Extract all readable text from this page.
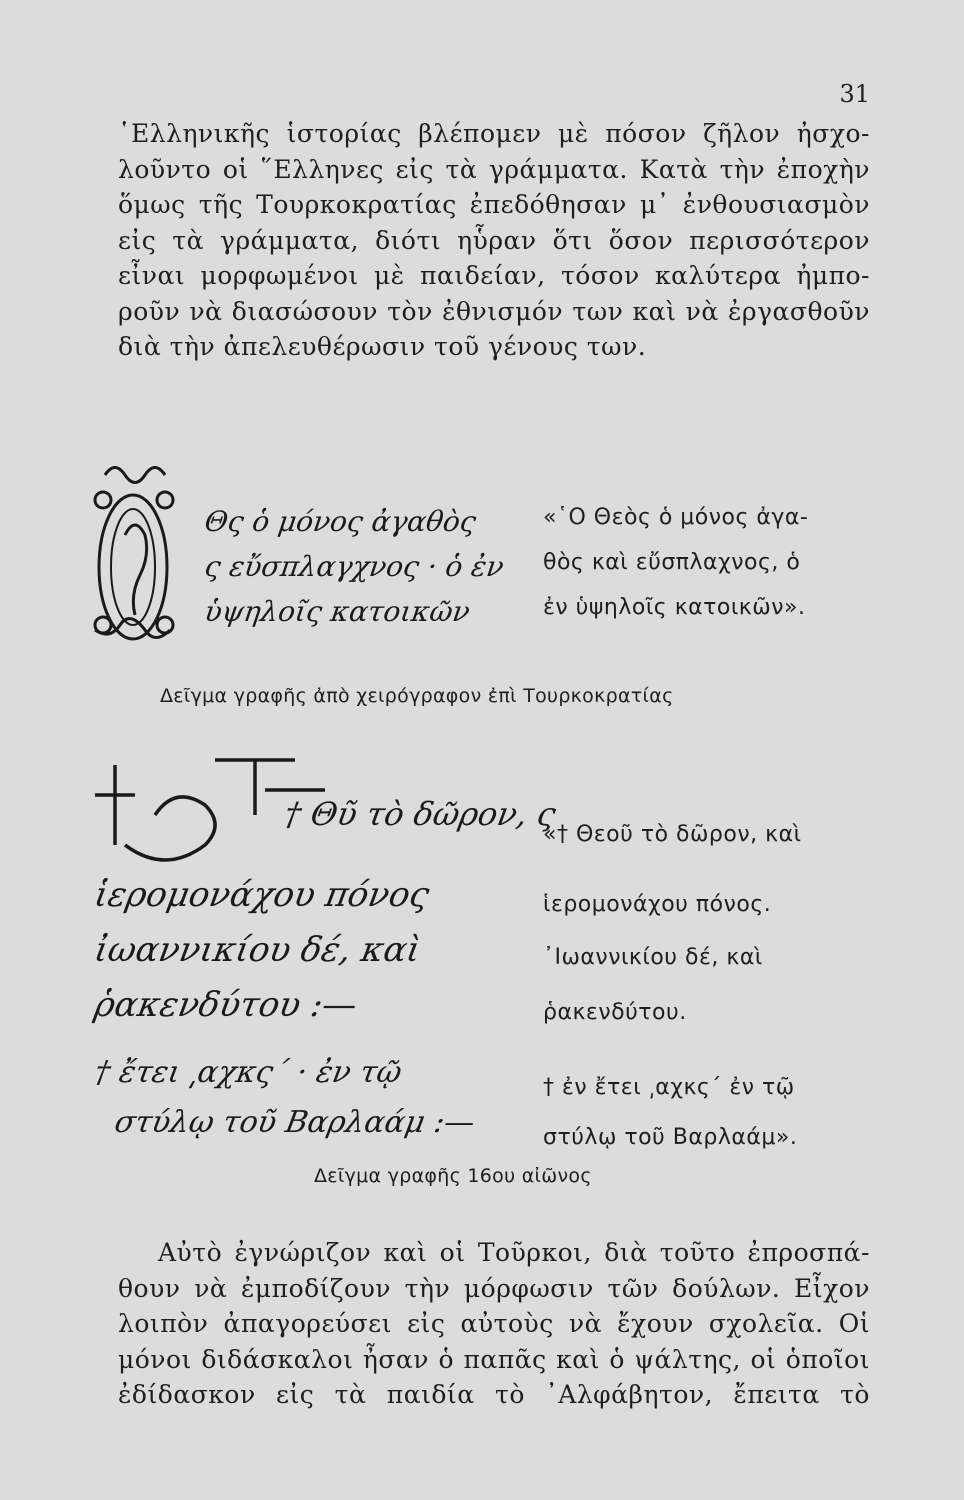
31
῾Ελληνικῆς ἱστορίας βλέπομεν μὲ πόσον ζῆλον ἠσχο-
λοῦντο οἱ ῞Ελληνες εἰς τὰ γράμματα. Κατὰ τὴν ἐποχὴν
ὅμως τῆς Τουρκοκρατίας ἐπεδόθησαν μ᾽ ἐνθουσιασμὸν
εἰς τὰ γράμματα, διότι ηὗραν ὅτι ὅσον περισσότερον
εἶναι μορφωμένοι μὲ παιδείαν, τόσον καλύτερα ἠμπο-
ροῦν νὰ διασώσουν τὸν ἐθνισμόν των καὶ νὰ ἐργασθοῦν
διὰ τὴν ἀπελευθέρωσιν τοῦ γένους των.
Θς ὁ μόνος ἀγαθὸς
ς εὔσπλαγχνος · ὁ ἐν
ὑψηλοῖς κατοικῶν
«῾Ο Θεὸς ὁ μόνος ἀγα-
θὸς καὶ εὔσπλαχνος, ὁ
ἐν ὑψηλοῖς κατοικῶν».
Δεῖγμα γραφῆς ἀπὸ χειρόγραφον ἐπὶ Τουρκοκρατίας
† Θῦ τὸ δῶρον, ς
ἱερομονάχου πόνος
ἰωαννικίου δέ, καὶ
ῥακενδύτου :—
† ἔτει ͵αχκς΄ · ἐν τῷ
στύλῳ τοῦ Βαρλαάμ :—
«† Θεοῦ τὸ δῶρον, καὶ
ἱερομονάχου πόνος.
᾽Ιωαννικίου δέ, καὶ
ῥακενδύτου.
† ἐν ἔτει ͵αχκς΄ ἐν τῷ
στύλῳ τοῦ Βαρλαάμ».
Δεῖγμα γραφῆς 16ου αἰῶνος
Αὐτὸ ἐγνώριζον καὶ οἱ Τοῦρκοι, διὰ τοῦτο ἐπροσπά-
θουν νὰ ἐμποδίζουν τὴν μόρφωσιν τῶν δούλων. Εἶχον
λοιπὸν ἀπαγορεύσει εἰς αὐτοὺς νὰ ἔχουν σχολεῖα. Οἱ
μόνοι διδάσκαλοι ἦσαν ὁ παπᾶς καὶ ὁ ψάλτης, οἱ ὁποῖοι
ἐδίδασκον εἰς τὰ παιδία τὸ ᾽Αλφάβητον, ἔπειτα τὸ
